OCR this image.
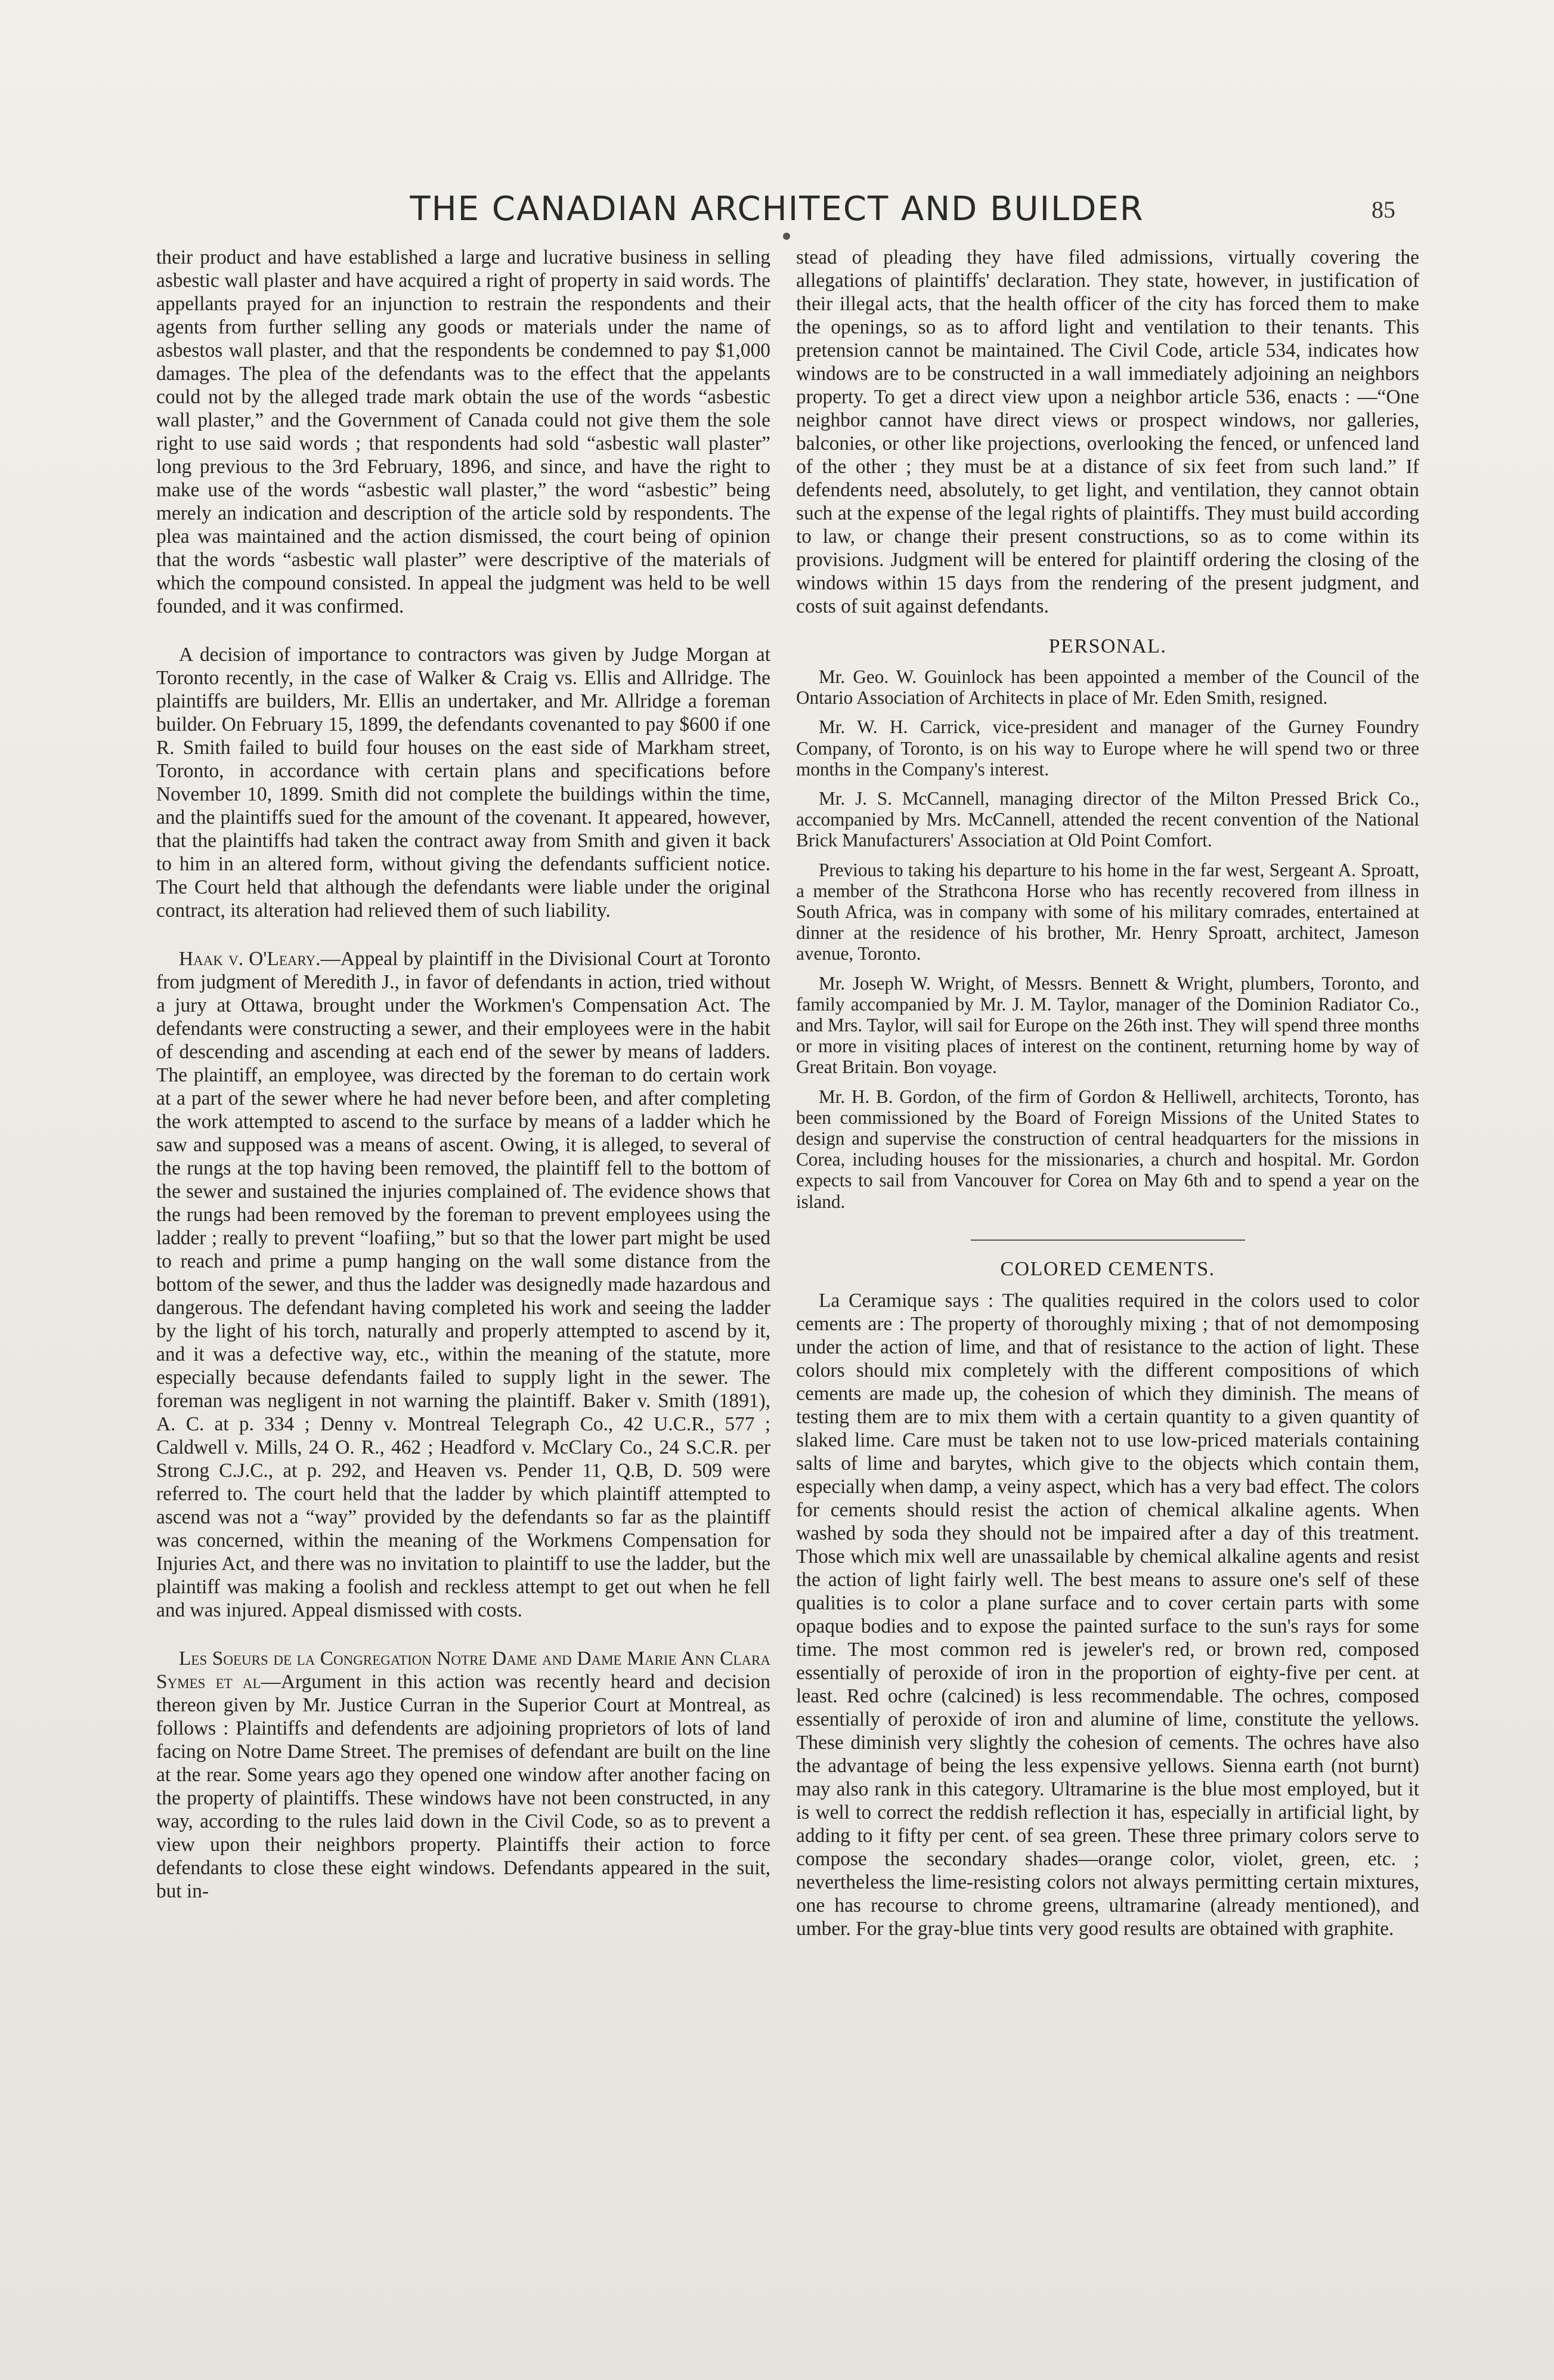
THE CANADIAN ARCHITECT AND BUILDER	85

their product and have established a large and lucrative business in selling asbestic wall plaster and have acquired a right of property in said words. The appellants prayed for an injunction to restrain the respondents and their agents from further selling any goods or materials under the name of asbestos wall plaster, and that the respondents be condemned to pay $1,000 damages. The plea of the defendants was to the effect that the appelants could not by the alleged trade mark obtain the use of the words “asbestic wall plaster,” and the Government of Canada could not give them the sole right to use said words ; that respondents had sold “asbestic wall plaster” long previous to the 3rd February, 1896, and since, and have the right to make use of the words “asbestic wall plaster,” the word “asbestic” being merely an indication and description of the article sold by respondents. The plea was maintained and the action dismissed, the court being of opinion that the words “asbestic wall plaster” were descriptive of the materials of which the compound consisted. In appeal the judgment was held to be well founded, and it was confirmed.

A decision of importance to contractors was given by Judge Morgan at Toronto recently, in the case of Walker & Craig vs. Ellis and Allridge. The plaintiffs are builders, Mr. Ellis an undertaker, and Mr. Allridge a foreman builder. On February 15, 1899, the defendants covenanted to pay $600 if one R. Smith failed to build four houses on the east side of Markham street, Toronto, in accordance with certain plans and specifications before November 10, 1899. Smith did not complete the buildings within the time, and the plaintiffs sued for the amount of the covenant. It appeared, however, that the plaintiffs had taken the contract away from Smith and given it back to him in an altered form, without giving the defendants sufficient notice. The Court held that although the defendants were liable under the original contract, its alteration had relieved them of such liability.

Haak v. O'Leary.—Appeal by plaintiff in the Divisional Court at Toronto from judgment of Meredith J., in favor of defendants in action, tried without a jury at Ottawa, brought under the Workmen's Compensation Act. The defendants were constructing a sewer, and their employees were in the habit of descending and ascending at each end of the sewer by means of ladders. The plaintiff, an employee, was directed by the foreman to do certain work at a part of the sewer where he had never before been, and after completing the work attempted to ascend to the surface by means of a ladder which he saw and supposed was a means of ascent. Owing, it is alleged, to several of the rungs at the top having been removed, the plaintiff fell to the bottom of the sewer and sustained the injuries complained of. The evidence shows that the rungs had been removed by the foreman to prevent employees using the ladder ; really to prevent “loafiing,” but so that the lower part might be used to reach and prime a pump hanging on the wall some distance from the bottom of the sewer, and thus the ladder was designedly made hazardous and dangerous. The defendant having completed his work and seeing the ladder by the light of his torch, naturally and properly attempted to ascend by it, and it was a defective way, etc., within the meaning of the statute, more especially because defendants failed to supply light in the sewer. The foreman was negligent in not warning the plaintiff. Baker v. Smith (1891), A. C. at p. 334 ; Denny v. Montreal Telegraph Co., 42 U.C.R., 577 ; Caldwell v. Mills, 24 O. R., 462 ; Headford v. McClary Co., 24 S.C.R. per Strong C.J.C., at p. 292, and Heaven vs. Pender 11, Q.B, D. 509 were referred to. The court held that the ladder by which plaintiff attempted to ascend was not a “way” provided by the defendants so far as the plaintiff was concerned, within the meaning of the Workmens Compensation for Injuries Act, and there was no invitation to plaintiff to use the ladder, but the plaintiff was making a foolish and reckless attempt to get out when he fell and was injured. Appeal dismissed with costs.

Les Soeurs de la Congregation Notre Dame and Dame Marie Ann Clara Symes et al—Argument in this action was recently heard and decision thereon given by Mr. Justice Curran in the Superior Court at Montreal, as follows : Plaintiffs and defendents are adjoining proprietors of lots of land facing on Notre Dame Street. The premises of defendant are built on the line at the rear. Some years ago they opened one window after another facing on the property of plaintiffs. These windows have not been constructed, in any way, according to the rules laid down in the Civil Code, so as to prevent a view upon their neighbors property. Plaintiffs their action to force defendants to close these eight windows. Defendants appeared in the suit, but in-

stead of pleading they have filed admissions, virtually covering the allegations of plaintiffs' declaration. They state, however, in justification of their illegal acts, that the health officer of the city has forced them to make the openings, so as to afford light and ventilation to their tenants. This pretension cannot be maintained. The Civil Code, article 534, indicates how windows are to be constructed in a wall immediately adjoining an neighbors property. To get a direct view upon a neighbor article 536, enacts : —“One neighbor cannot have direct views or prospect windows, nor galleries, balconies, or other like projections, overlooking the fenced, or unfenced land of the other ; they must be at a distance of six feet from such land.” If defendents need, absolutely, to get light, and ventilation, they cannot obtain such at the expense of the legal rights of plaintiffs. They must build according to law, or change their present constructions, so as to come within its provisions. Judgment will be entered for plaintiff ordering the closing of the windows within 15 days from the rendering of the present judgment, and costs of suit against defendants.

PERSONAL.

Mr. Geo. W. Gouinlock has been appointed a member of the Council of the Ontario Association of Architects in place of Mr. Eden Smith, resigned.

Mr. W. H. Carrick, vice-president and manager of the Gurney Foundry Company, of Toronto, is on his way to Europe where he will spend two or three months in the Company's interest.

Mr. J. S. McCannell, managing director of the Milton Pressed Brick Co., accompanied by Mrs. McCannell, attended the recent convention of the National Brick Manufacturers' Association at Old Point Comfort.

Previous to taking his departure to his home in the far west, Sergeant A. Sproatt, a member of the Strathcona Horse who has recently recovered from illness in South Africa, was in company with some of his military comrades, entertained at dinner at the residence of his brother, Mr. Henry Sproatt, architect, Jameson avenue, Toronto.

Mr. Joseph W. Wright, of Messrs. Bennett & Wright, plumbers, Toronto, and family accompanied by Mr. J. M. Taylor, manager of the Dominion Radiator Co., and Mrs. Taylor, will sail for Europe on the 26th inst. They will spend three months or more in visiting places of interest on the continent, returning home by way of Great Britain. Bon voyage.

Mr. H. B. Gordon, of the firm of Gordon & Helliwell, architects, Toronto, has been commissioned by the Board of Foreign Missions of the United States to design and supervise the construction of central headquarters for the missions in Corea, including houses for the missionaries, a church and hospital. Mr. Gordon expects to sail from Vancouver for Corea on May 6th and to spend a year on the island.

COLORED CEMENTS.

La Ceramique says : The qualities required in the colors used to color cements are : The property of thoroughly mixing ; that of not demomposing under the action of lime, and that of resistance to the action of light. These colors should mix completely with the different compositions of which cements are made up, the cohesion of which they diminish. The means of testing them are to mix them with a certain quantity to a given quantity of slaked lime. Care must be taken not to use low-priced materials containing salts of lime and barytes, which give to the objects which contain them, especially when damp, a veiny aspect, which has a very bad effect. The colors for cements should resist the action of chemical alkaline agents. When washed by soda they should not be impaired after a day of this treatment. Those which mix well are unassailable by chemical alkaline agents and resist the action of light fairly well. The best means to assure one's self of these qualities is to color a plane surface and to cover certain parts with some opaque bodies and to expose the painted surface to the sun's rays for some time. The most common red is jeweler's red, or brown red, composed essentially of peroxide of iron in the proportion of eighty-five per cent. at least. Red ochre (calcined) is less recommendable. The ochres, composed essentially of peroxide of iron and alumine of lime, constitute the yellows. These diminish very slightly the cohesion of cements. The ochres have also the advantage of being the less expensive yellows. Sienna earth (not burnt) may also rank in this category. Ultramarine is the blue most employed, but it is well to correct the reddish reflection it has, especially in artificial light, by adding to it fifty per cent. of sea green. These three primary colors serve to compose the secondary shades—orange color, violet, green, etc. ; nevertheless the lime-resisting colors not always permitting certain mixtures, one has recourse to chrome greens, ultramarine (already mentioned), and umber. For the gray-blue tints very good results are obtained with graphite.
